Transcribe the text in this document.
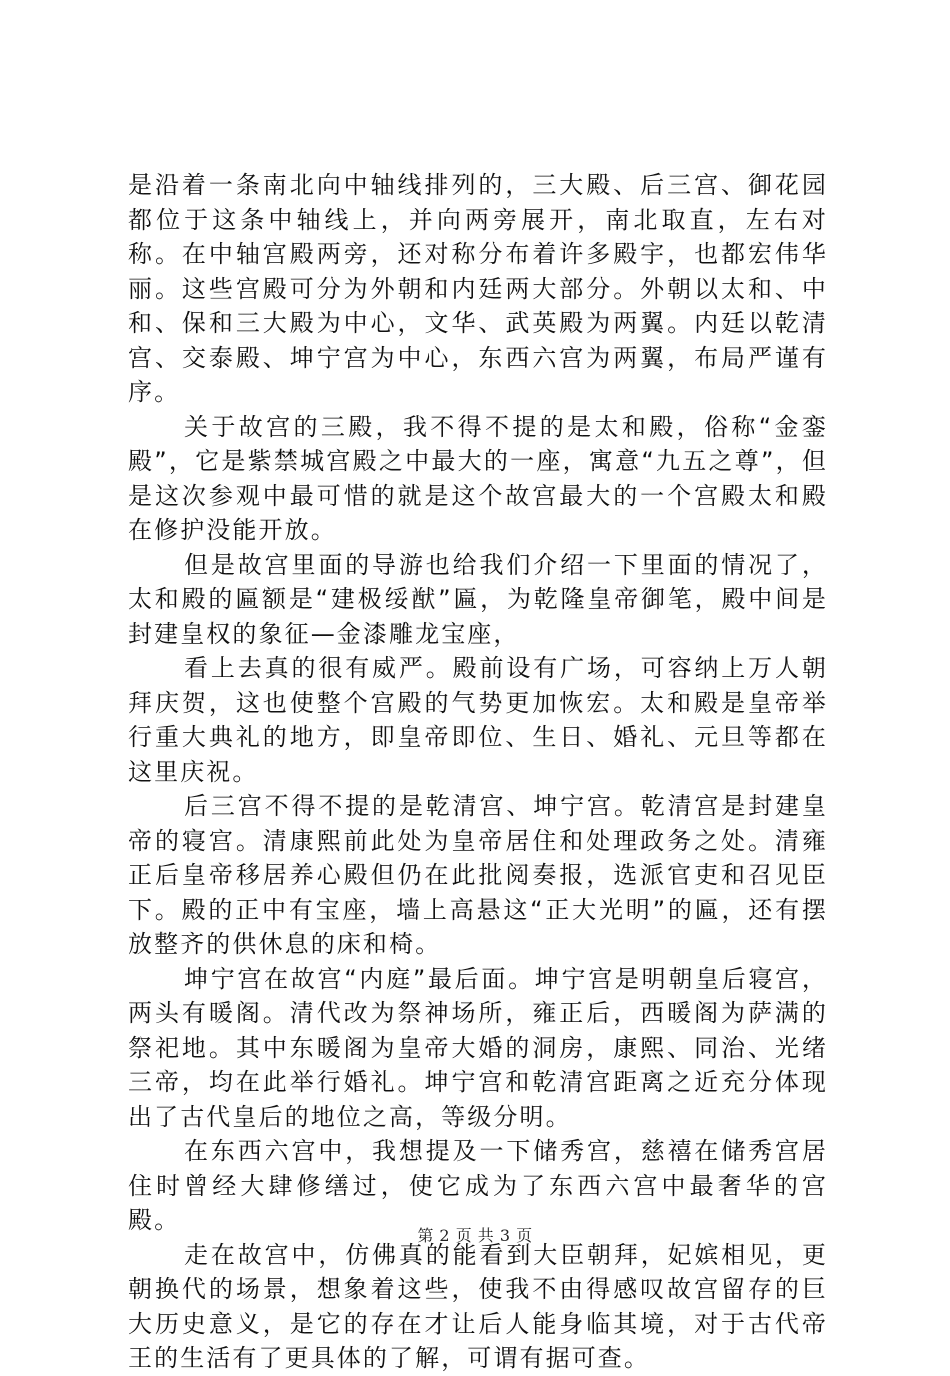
是沿着一条南北向中轴线排列的，三大殿、后三宫、御花园都位于这条中轴线上，并向两旁展开，南北取直，左右对称。在中轴宫殿两旁，还对称分布着许多殿宇，也都宏伟华丽。这些宫殿可分为外朝和内廷两大部分。外朝以太和、中和、保和三大殿为中心，文华、武英殿为两翼。内廷以乾清宫、交泰殿、坤宁宫为中心，东西六宫为两翼，布局严谨有序。

关于故宫的三殿，我不得不提的是太和殿，俗称“金銮殿”，它是紫禁城宫殿之中最大的一座，寓意“九五之尊”，但是这次参观中最可惜的就是这个故宫最大的一个宫殿太和殿在修护没能开放。

但是故宫里面的导游也给我们介绍一下里面的情况了，太和殿的匾额是“建极绥猷”匾，为乾隆皇帝御笔，殿中间是封建皇权的象征—金漆雕龙宝座，

看上去真的很有威严。殿前设有广场，可容纳上万人朝拜庆贺，这也使整个宫殿的气势更加恢宏。太和殿是皇帝举行重大典礼的地方，即皇帝即位、生日、婚礼、元旦等都在这里庆祝。

后三宫不得不提的是乾清宫、坤宁宫。乾清宫是封建皇帝的寝宫。清康熙前此处为皇帝居住和处理政务之处。清雍正后皇帝移居养心殿但仍在此批阅奏报，选派官吏和召见臣下。殿的正中有宝座，墙上高悬这“正大光明”的匾，还有摆放整齐的供休息的床和椅。

坤宁宫在故宫“内庭”最后面。坤宁宫是明朝皇后寝宫，两头有暖阁。清代改为祭神场所，雍正后，西暖阁为萨满的祭祀地。其中东暖阁为皇帝大婚的洞房，康熙、同治、光绪三帝，均在此举行婚礼。坤宁宫和乾清宫距离之近充分体现出了古代皇后的地位之高，等级分明。

在东西六宫中，我想提及一下储秀宫，慈禧在储秀宫居住时曾经大肆修缮过，使它成为了东西六宫中最奢华的宫殿。

走在故宫中，仿佛真的能看到大臣朝拜，妃嫔相见，更朝换代的场景，想象着这些，使我不由得感叹故宫留存的巨大历史意义，是它的存在才让后人能身临其境，对于古代帝王的生活有了更具体的了解，可谓有据可查。

第 2 页 共 3 页
